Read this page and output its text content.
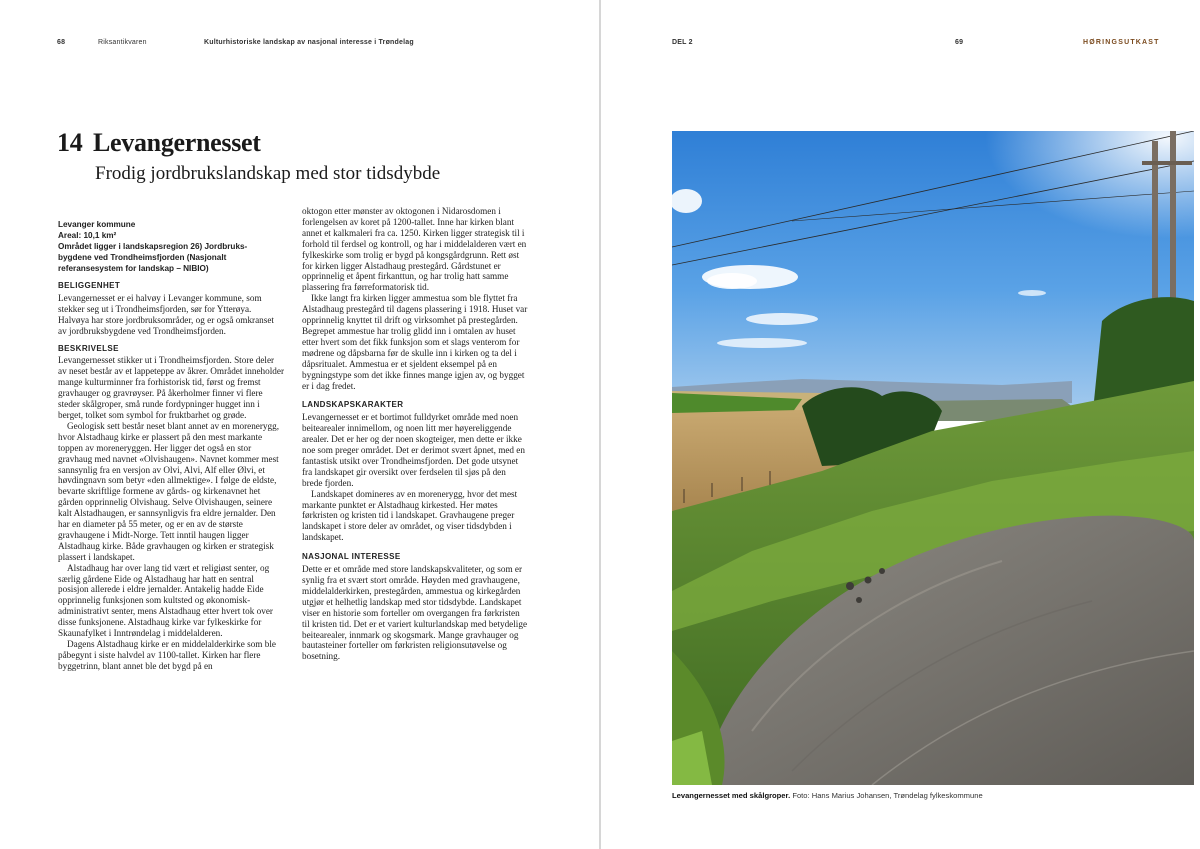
68	Riksantikvaren	Kulturhistoriske landskap av nasjonal interesse i Trøndelag
14 Levangernesset
Frodig jordbrukslandskap med stor tidsdybde
Levanger kommune
Areal: 10,1 km²
Området ligger i landskapsregion 26) Jordbruks-
bygdene ved Trondheimsfjorden (Nasjonalt
referansesystem for landskap – NIBIO)
BELIGGENHET

Levangernesset er ei halvøy i Levanger kommune, som stekker seg ut i Trondheimsfjorden, sør for Ytterøya. Halvøya har store jordbruksområder, og er også omkranset av jordbruksbygdene ved Trondheimsfjorden.

BESKRIVELSE

Levangernesset stikker ut i Trondheimsfjorden. Store deler av neset består av et lappeteppe av åkrer. Området inneholder mange kulturminner fra forhistorisk tid, først og fremst gravhauger og gravrøyser. På åkerholmer finner vi flere steder skålgroper, små runde fordypninger hugget inn i berget, tolket som symbol for fruktbarhet og grøde.

Geologisk sett består neset blant annet av en morenerygg, hvor Alstadhaug kirke er plassert på den mest markante toppen av moreneryggen. Her ligger det også en stor gravhaug med navnet «Olvishaugen». Navnet kommer mest sannsynlig fra en versjon av Olvi, Alvi, Alf eller Ølvi, et høvdingnavn som betyr «den allmektige». I følge de eldste, bevarte skriftlige formene av gårds- og kirkenavnet het gården opprinnelig Olvishaug. Selve Olvishaugen, seinere kalt Alstadhaugen, er sannsynligvis fra eldre jernalder. Den har en diameter på 55 meter, og er en av de største gravhaugene i Midt-Norge. Tett inntil haugen ligger Alstadhaug kirke. Både gravhaugen og kirken er strategisk plassert i landskapet.

Alstadhaug har over lang tid vært et religiøst senter, og særlig gårdene Eide og Alstadhaug har hatt en sentral posisjon allerede i eldre jernalder. Antakelig hadde Eide opprinnelig funksjonen som kultsted og økonomisk-administrativt senter, mens Alstadhaug etter hvert tok over disse funksjonene. Alstadhaug kirke var fylkeskirke for Skaunafylket i Inntrøndelag i middelalderen.

Dagens Alstadhaug kirke er en middelalderkirke som ble påbegynt i siste halvdel av 1100-tallet. Kirken har flere byggetrinn, blant annet ble det bygd på en

oktogon etter mønster av oktogonen i Nidarosdomen i forlengelsen av koret på 1200-tallet. Inne har kirken blant annet et kalkmaleri fra ca. 1250. Kirken ligger strategisk til i forhold til ferdsel og kontroll, og har i middelalderen vært en fylkeskirke som trolig er bygd på kongsgårdgrunn. Rett øst for kirken ligger Alstadhaug prestegård. Gårdstunet er opprinnelig et åpent firkanttun, og har trolig hatt samme plassering fra førreformatorisk tid.

Ikke langt fra kirken ligger ammestua som ble flyttet fra Alstadhaug prestegård til dagens plassering i 1918. Huset var opprinnelig knyttet til drift og virksomhet på prestegården. Begrepet ammestue har trolig glidd inn i omtalen av huset etter hvert som det fikk funksjon som et slags venterom for mødrene og dåpsbarna før de skulle inn i kirken og ta del i dåpsritualet. Ammestua er et sjeldent eksempel på en bygningstype som det ikke finnes mange igjen av, og bygget er i dag fredet.

LANDSKAPSKARAKTER

Levangernesset er et bortimot fulldyrket område med noen beitearealer innimellom, og noen litt mer høyereliggende arealer. Det er her og der noen skogteiger, men dette er ikke noe som preger området. Det er derimot svært åpnet, med en fantastisk utsikt over Trondheimsfjorden. Det gode utsynet fra landskapet gir oversikt over ferdselen til sjøs på den brede fjorden.

Landskapet domineres av en morenerygg, hvor det mest markante punktet er Alstadhaug kirkested. Her møtes førkristen og kristen tid i landskapet. Gravhaugene preger landskapet i store deler av området, og viser tidsdybden i landskapet.

NASJONAL INTERESSE

Dette er et område med store landskapskvaliteter, og som er synlig fra et svært stort område. Høyden med gravhaugene, middelalderkirken, prestegården, ammestua og kirkegården utgjør et helhetlig landskap med stor tidsdybde. Landskapet viser en historie som forteller om overgangen fra førkristen til kristen tid. Det er et variert kulturlandskap med betydelige beitearealer, innmark og skogsmark. Mange gravhauger og bautasteiner forteller om førkristen religionsutøvelse og bosetning.

DEL 2	69	HØRINGSUTKAST
Levangernesset med skålgroper. Foto: Hans Marius Johansen, Trøndelag fylkeskommune
